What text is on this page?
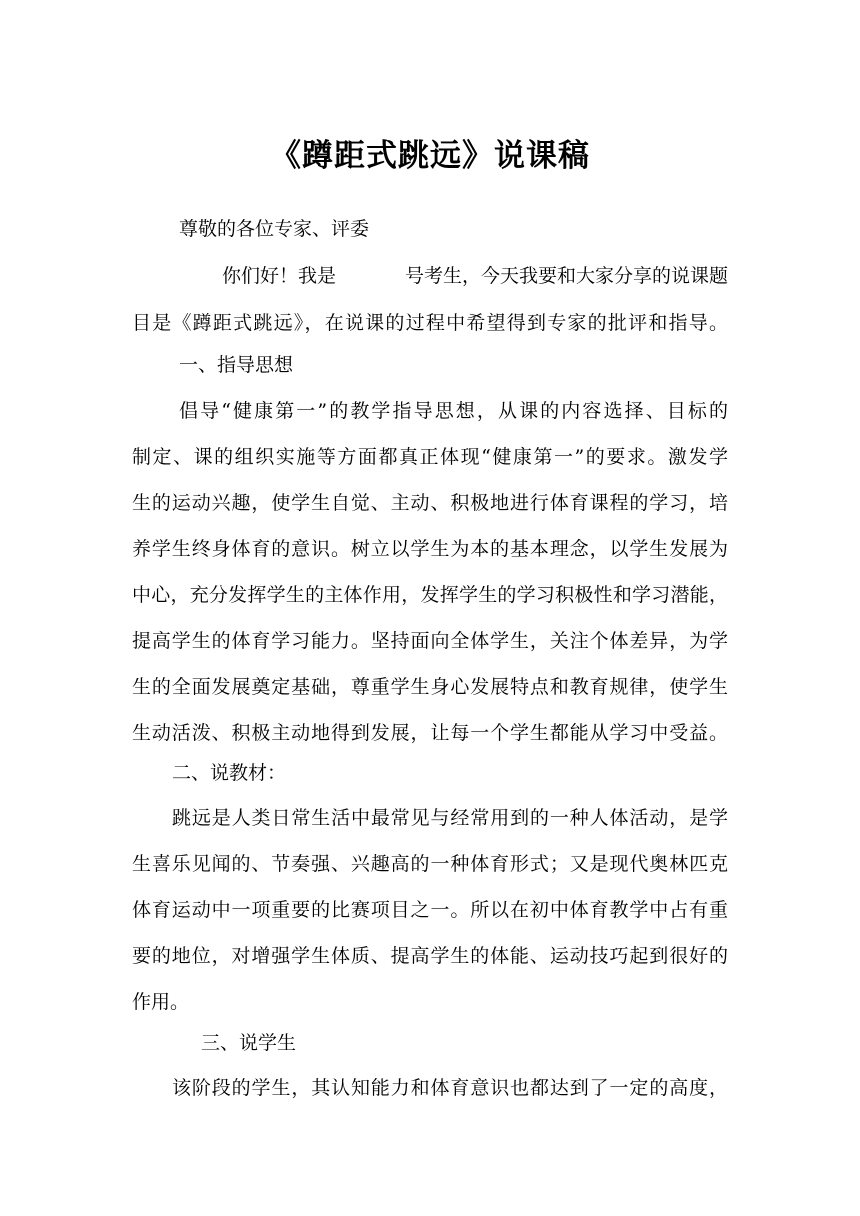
《蹲距式跳远》说课稿
尊敬的各位专家、评委
你们好！我是	号考生，今天我要和大家分享的说课题
目是《蹲距式跳远》，在说课的过程中希望得到专家的批评和指导。
一、指导思想
倡导“健康第一”的教学指导思想，从课的内容选择、目标的
制定、课的组织实施等方面都真正体现“健康第一”的要求。激发学
生的运动兴趣，使学生自觉、主动、积极地进行体育课程的学习，培
养学生终身体育的意识。树立以学生为本的基本理念，以学生发展为
中心，充分发挥学生的主体作用，发挥学生的学习积极性和学习潜能，
提高学生的体育学习能力。坚持面向全体学生，关注个体差异，为学
生的全面发展奠定基础，尊重学生身心发展特点和教育规律，使学生
生动活泼、积极主动地得到发展，让每一个学生都能从学习中受益。
二、说教材：
跳远是人类日常生活中最常见与经常用到的一种人体活动，是学
生喜乐见闻的、节奏强、兴趣高的一种体育形式；又是现代奥林匹克
体育运动中一项重要的比赛项目之一。所以在初中体育教学中占有重
要的地位，对增强学生体质、提高学生的体能、运动技巧起到很好的
作用。
三、说学生
该阶段的学生，其认知能力和体育意识也都达到了一定的高度，
